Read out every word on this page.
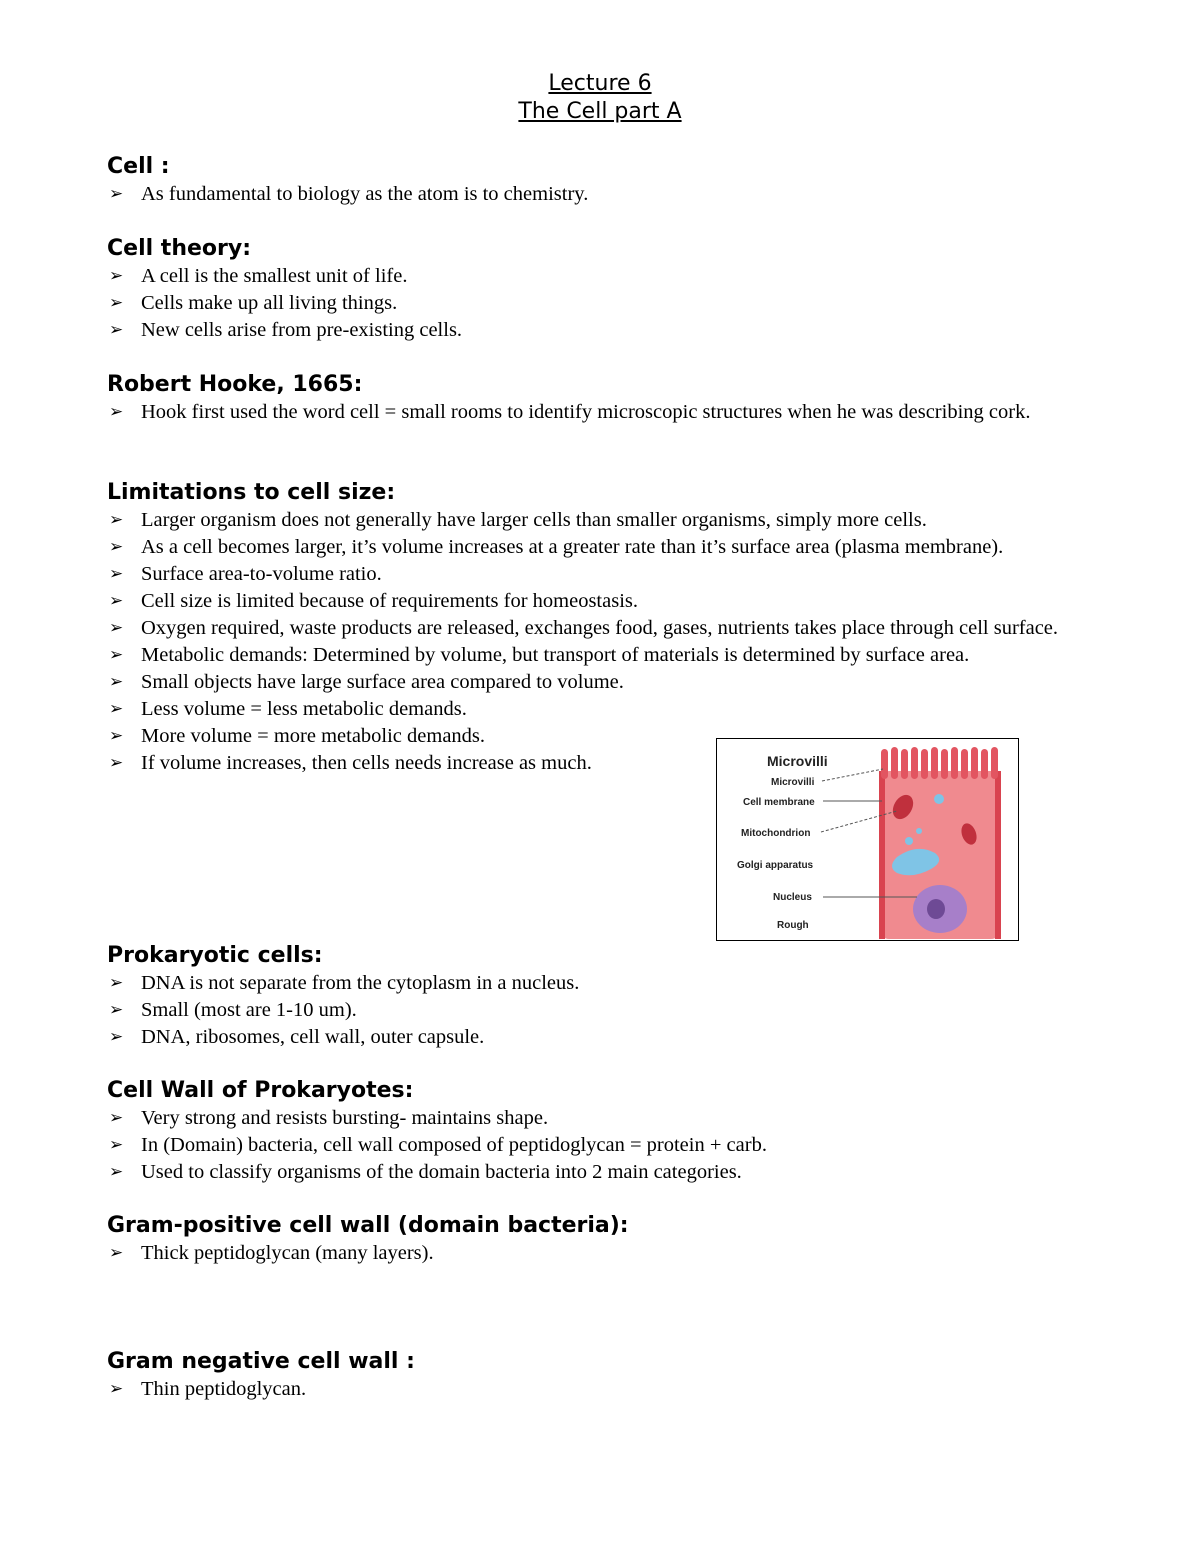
Lecture 6
The Cell part A
Cell :
➢ As fundamental to biology as the atom is to chemistry.
Cell theory:
➢ A cell is the smallest unit of life.
➢ Cells make up all living things.
➢ New cells arise from pre-existing cells.
Robert Hooke, 1665:
➢ Hook first used the word cell = small rooms to identify microscopic structures when he was describing cork.
Limitations to cell size:
➢ Larger organism does not generally have larger cells than smaller organisms, simply more cells.
➢ As a cell becomes larger, it’s volume increases at a greater rate than it’s surface area (plasma membrane).
➢ Surface area-to-volume ratio.
➢ Cell size is limited because of requirements for homeostasis.
➢ Oxygen required, waste products are released, exchanges food, gases, nutrients takes place through cell surface.
➢ Metabolic demands: Determined by volume, but transport of materials is determined by surface area.
➢ Small objects have large surface area compared to volume.
➢ Less volume = less metabolic demands.
➢ More volume = more metabolic demands.
➢ If volume increases, then cells needs increase as much.	Microvilli
Microvilli
Cell membrane
Mitochondrion
Golgi apparatus
Nucleus
Rough
Prokaryotic cells:
➢ DNA is not separate from the cytoplasm in a nucleus.
➢ Small (most are 1-10 um).
➢ DNA, ribosomes, cell wall, outer capsule.
Cell Wall of Prokaryotes:
➢ Very strong and resists bursting- maintains shape.
➢ In (Domain) bacteria, cell wall composed of peptidoglycan = protein + carb.
➢ Used to classify organisms of the domain bacteria into 2 main categories.
Gram-positive cell wall (domain bacteria):
➢ Thick peptidoglycan (many layers).
Gram negative cell wall :
➢ Thin peptidoglycan.
